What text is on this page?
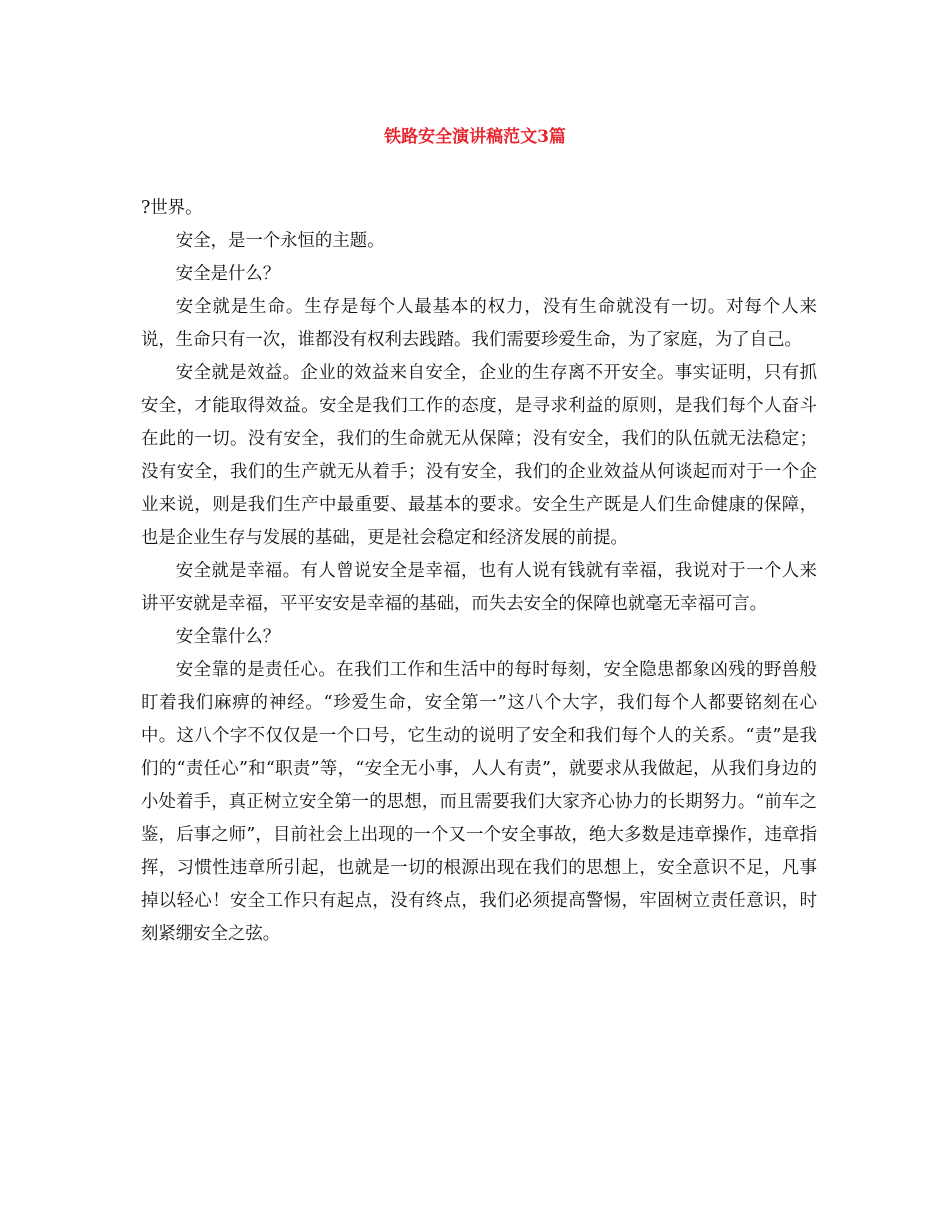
铁路安全演讲稿范文3篇

?世界。

安全，是一个永恒的主题。

安全是什么？

安全就是生命。生存是每个人最基本的权力，没有生命就没有一切。对每个人来说，生命只有一次，谁都没有权利去践踏。我们需要珍爱生命，为了家庭，为了自己。

安全就是效益。企业的效益来自安全，企业的生存离不开安全。事实证明，只有抓安全，才能取得效益。安全是我们工作的态度，是寻求利益的原则，是我们每个人奋斗在此的一切。没有安全，我们的生命就无从保障；没有安全，我们的队伍就无法稳定；没有安全，我们的生产就无从着手；没有安全，我们的企业效益从何谈起而对于一个企业来说，则是我们生产中最重要、最基本的要求。安全生产既是人们生命健康的保障，也是企业生存与发展的基础，更是社会稳定和经济发展的前提。

安全就是幸福。有人曾说安全是幸福，也有人说有钱就有幸福，我说对于一个人来讲平安就是幸福，平平安安是幸福的基础，而失去安全的保障也就毫无幸福可言。

安全靠什么？

安全靠的是责任心。在我们工作和生活中的每时每刻，安全隐患都象凶残的野兽般盯着我们麻痹的神经。“珍爱生命，安全第一”这八个大字，我们每个人都要铭刻在心中。这八个字不仅仅是一个口号，它生动的说明了安全和我们每个人的关系。“责”是我们的“责任心”和“职责”等，“安全无小事，人人有责”，就要求从我做起，从我们身边的小处着手，真正树立安全第一的思想，而且需要我们大家齐心协力的长期努力。“前车之鉴，后事之师”，目前社会上出现的一个又一个安全事故，绝大多数是违章操作，违章指挥，习惯性违章所引起，也就是一切的根源出现在我们的思想上，安全意识不足，凡事掉以轻心！安全工作只有起点，没有终点，我们必须提高警惕，牢固树立责任意识，时刻紧绷安全之弦。
